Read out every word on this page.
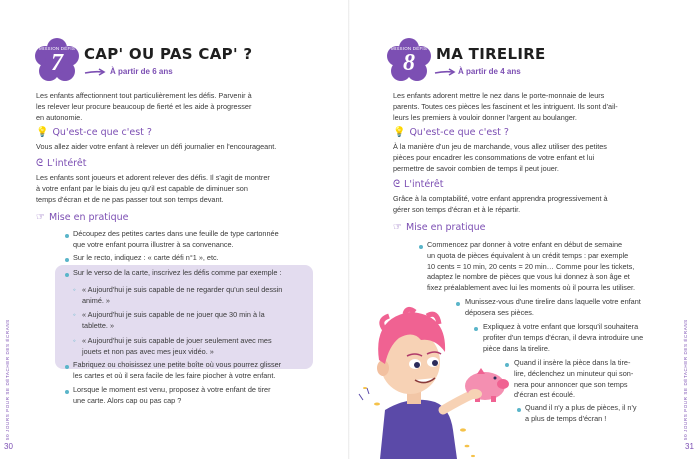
MISSION DÉFIS
7	CAP' OU PAS CAP' ?
À partir de 6 ans
Les enfants affectionnent tout particulièrement les défis. Parvenir à
les relever leur procure beaucoup de fierté et les aide à progresser
en autonomie.
💡 Qu'est-ce que c'est ?
Vous allez aider votre enfant à relever un défi journalier en l'encourageant.
ᘓ L'intérêt
Les enfants sont joueurs et adorent relever des défis. Il s'agit de montrer
à votre enfant par le biais du jeu qu'il est capable de diminuer son
temps d'écran et de ne pas passer tout son temps devant.
☞ Mise en pratique
Découpez des petites cartes dans une feuille de type cartonnée
que votre enfant pourra illustrer à sa convenance.
Sur le recto, indiquez : « carte défi n°1 », etc.
Sur le verso de la carte, inscrivez les défis comme par exemple :
◦ « Aujourd'hui je suis capable de ne regarder qu'un seul dessin
animé. »
◦ « Aujourd'hui je suis capable de ne jouer que 30 min à la
tablette. »
◦ « Aujourd'hui je suis capable de jouer seulement avec mes
jouets et non pas avec mes jeux vidéo. »
Fabriquez ou choisissez une petite boîte où vous pourrez glisser
les cartes et où il sera facile de les faire piocher à votre enfant.
Lorsque le moment est venu, proposez à votre enfant de tirer
une carte. Alors cap ou pas cap ?
50 JOURS POUR SE DÉTACHER DES ÉCRANS
30
MISSION DÉFIS
8	MA TIRELIRE
À partir de 4 ans
Les enfants adorent mettre le nez dans le porte-monnaie de leurs
parents. Toutes ces pièces les fascinent et les intriguent. Ils sont d'ail-
leurs les premiers à vouloir donner l'argent au boulanger.
💡 Qu'est-ce que c'est ?
À la manière d'un jeu de marchande, vous allez utiliser des petites
pièces pour encadrer les consommations de votre enfant et lui
permettre de savoir combien de temps il peut jouer.
ᘓ L'intérêt
Grâce à la comptabilité, votre enfant apprendra progressivement à
gérer son temps d'écran et à le répartir.
☞ Mise en pratique
Commencez par donner à votre enfant en début de semaine
un quota de pièces équivalent à un crédit temps : par exemple
10 cents = 10 min, 20 cents = 20 min… Comme pour les tickets,
adaptez le nombre de pièces que vous lui donnez à son âge et
fixez préalablement avec lui les moments où il pourra les utiliser.
Munissez-vous d'une tirelire dans laquelle votre enfant
déposera ses pièces.
Expliquez à votre enfant que lorsqu'il souhaitera
profiter d'un temps d'écran, il devra introduire une
pièce dans la tirelire.
Quand il insère la pièce dans la tire-
lire, déclenchez un minuteur qui son-
nera pour annoncer que son temps
d'écran est écoulé.
Quand il n'y a plus de pièces, il n'y
a plus de temps d'écran !	50 JOURS POUR SE DÉTACHER DES ÉCRANS
31
